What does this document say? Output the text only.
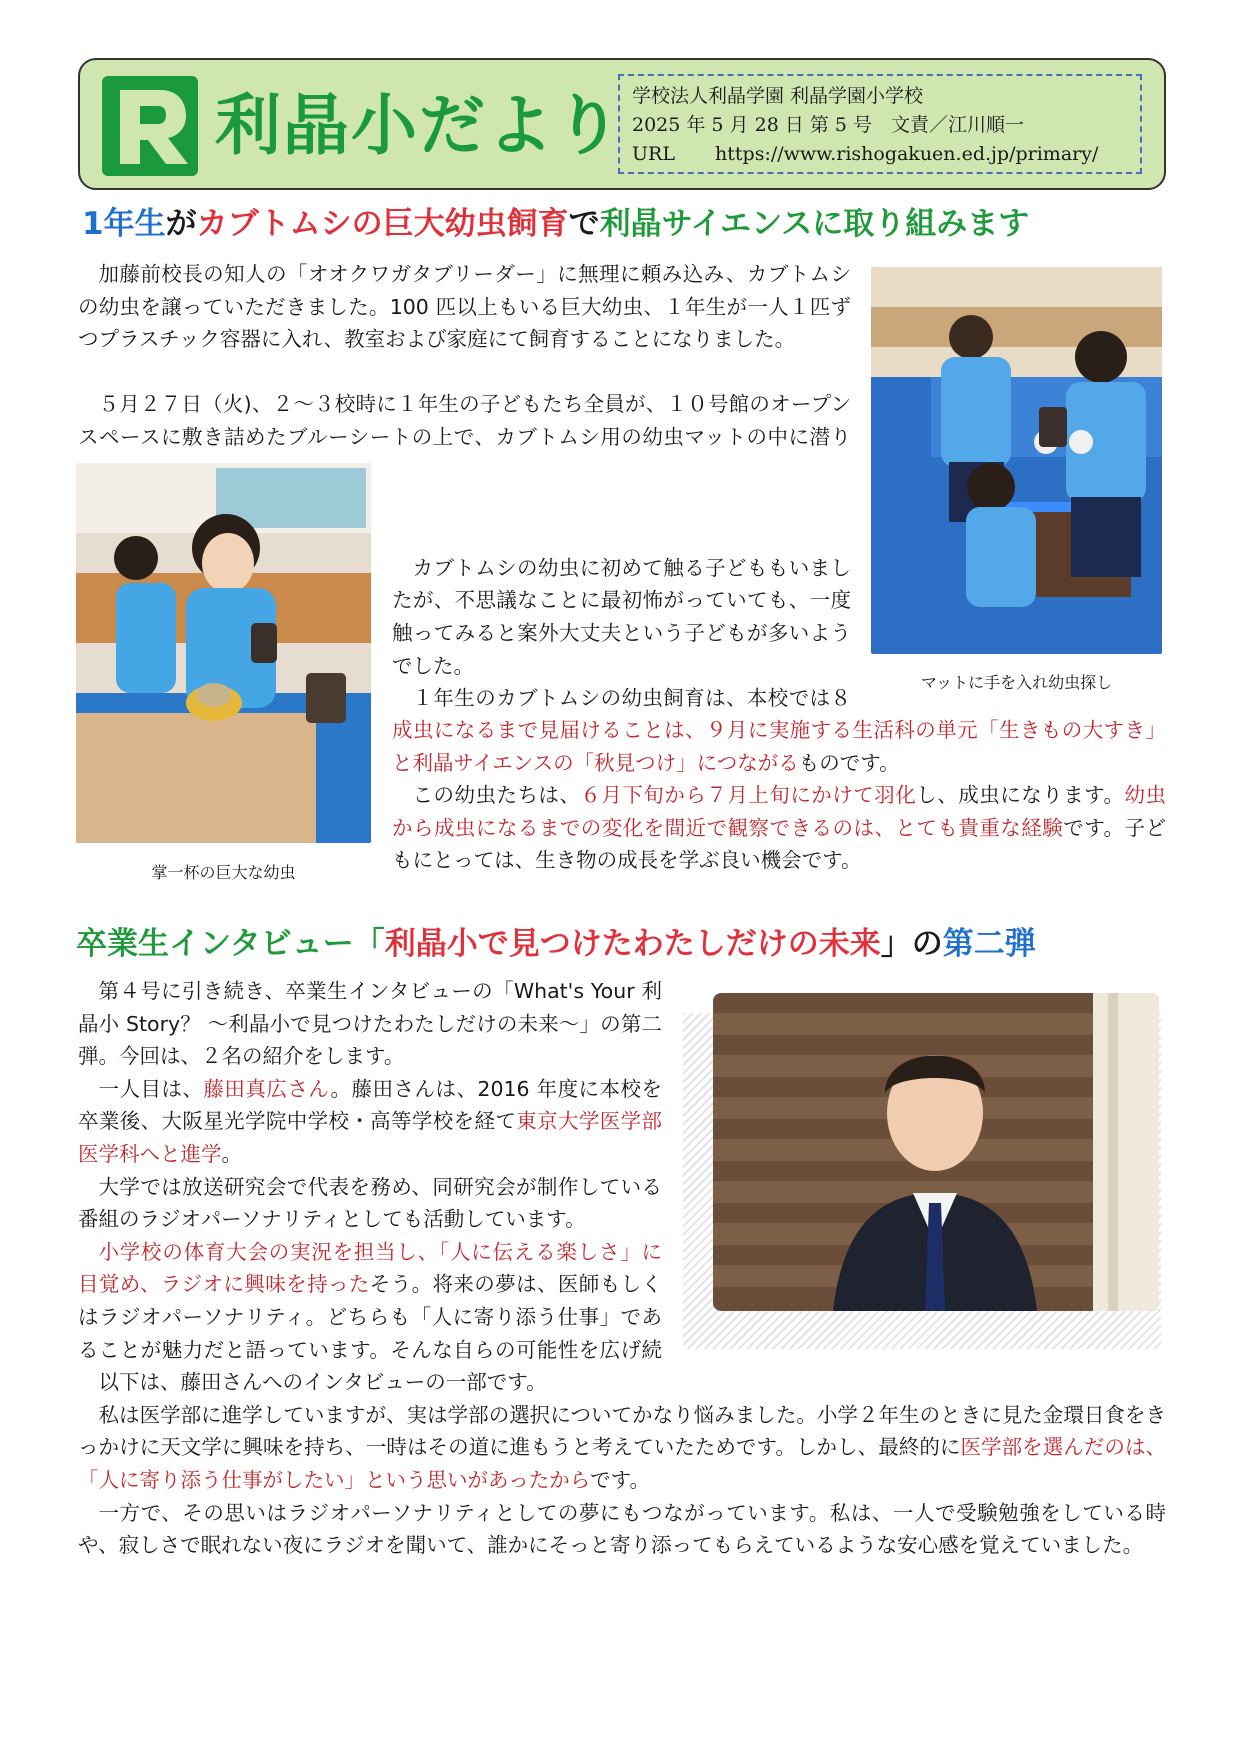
利晶小だより 学校法人利晶学園 利晶学園小学校
2025 年 5 月 28 日 第 5 号　文責／江川順一
URL https://www.rishogakuen.ed.jp/primary/
1年生がカブトムシの巨大幼虫飼育で利晶サイエンスに取り組みます

加藤前校長の知人の「オオクワガタブリーダー」に無理に頼み込み、カブトムシの幼虫を譲っていただきました。100 匹以上もいる巨大幼虫、１年生が一人１匹ずつプラスチック容器に入れ、教室および家庭にて飼育することになりました。

５月２７日（火)、２～３校時に１年生の子どもたち全員が、１０号館のオープンスペースに敷き詰めたブルーシートの上で、カブトムシ用の幼虫マットの中に潜り

カブトムシの幼虫に初めて触る子どももいましたが、不思議なことに最初怖がっていても、一度触ってみると案外大丈夫という子どもが多いようでした。

１年生のカブトムシの幼虫飼育は、本校では８

成虫になるまで見届けることは、９月に実施する生活科の単元「生きもの大すき」と利晶サイエンスの「秋見つけ」につながるものです。

この幼虫たちは、６月下旬から７月上旬にかけて羽化し、成虫になります。幼虫から成虫になるまでの変化を間近で観察できるのは、とても貴重な経験です。子どもにとっては、生き物の成長を学ぶ良い機会です。

マットに手を入れ幼虫探し
掌一杯の巨大な幼虫
卒業生インタビュー「利晶小で見つけたわたしだけの未来」の第二弾

第４号に引き続き、卒業生インタビューの「What's Your 利晶小 Story？ ～利晶小で見つけたわたしだけの未来～」の第二弾。今回は、２名の紹介をします。

一人目は、藤田真広さん。藤田さんは、2016 年度に本校を卒業後、大阪星光学院中学校・高等学校を経て東京大学医学部医学科へと進学。

大学では放送研究会で代表を務め、同研究会が制作している番組のラジオパーソナリティとしても活動しています。

小学校の体育大会の実況を担当し、「人に伝える楽しさ」に目覚め、ラジオに興味を持ったそう。将来の夢は、医師もしく

はラジオパーソナリティ。どちらも「人に寄り添う仕事」であることが魅力だと語っています。そんな自らの可能性を広げ続

以下は、藤田さんへのインタビューの一部です。

私は医学部に進学していますが、実は学部の選択についてかなり悩みました。小学２年生のときに見た金環日食をきっかけに天文学に興味を持ち、一時はその道に進もうと考えていたためです。しかし、最終的に医学部を選んだのは、「人に寄り添う仕事がしたい」という思いがあったからです。

一方で、その思いはラジオパーソナリティとしての夢にもつながっています。私は、一人で受験勉強をしている時や、寂しさで眠れない夜にラジオを聞いて、誰かにそっと寄り添ってもらえているような安心感を覚えていました。
